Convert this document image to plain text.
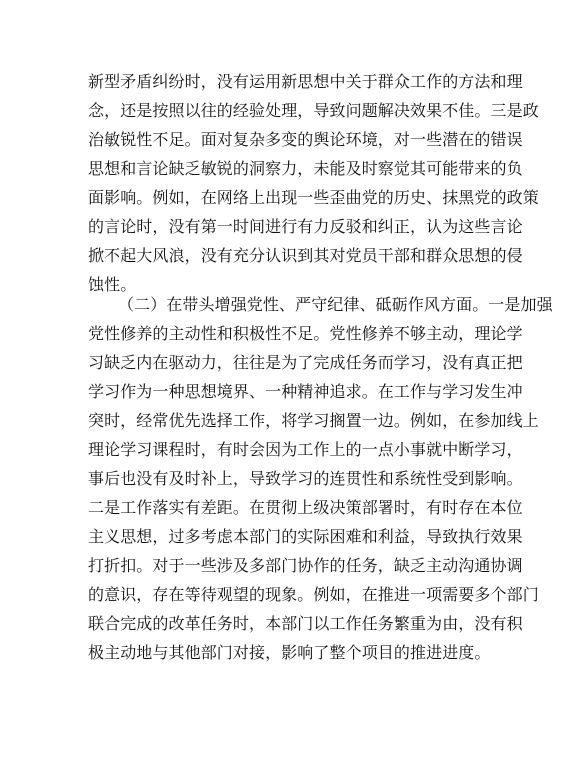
新型矛盾纠纷时，没有运用新思想中关于群众工作的方法和理
念，还是按照以往的经验处理，导致问题解决效果不佳。三是政
治敏锐性不足。面对复杂多变的舆论环境，对一些潜在的错误
思想和言论缺乏敏锐的洞察力，未能及时察觉其可能带来的负
面影响。例如，在网络上出现一些歪曲党的历史、抹黑党的政策
的言论时，没有第一时间进行有力反驳和纠正，认为这些言论
掀不起大风浪，没有充分认识到其对党员干部和群众思想的侵
蚀性。
（二）在带头增强党性、严守纪律、砥砺作风方面。一是加强
党性修养的主动性和积极性不足。党性修养不够主动，理论学
习缺乏内在驱动力，往往是为了完成任务而学习，没有真正把
学习作为一种思想境界、一种精神追求。在工作与学习发生冲
突时，经常优先选择工作，将学习搁置一边。例如，在参加线上
理论学习课程时，有时会因为工作上的一点小事就中断学习，
事后也没有及时补上，导致学习的连贯性和系统性受到影响。
二是工作落实有差距。在贯彻上级决策部署时，有时存在本位
主义思想，过多考虑本部门的实际困难和利益，导致执行效果
打折扣。对于一些涉及多部门协作的任务，缺乏主动沟通协调
的意识，存在等待观望的现象。例如，在推进一项需要多个部门
联合完成的改革任务时，本部门以工作任务繁重为由，没有积
极主动地与其他部门对接，影响了整个项目的推进进度。
